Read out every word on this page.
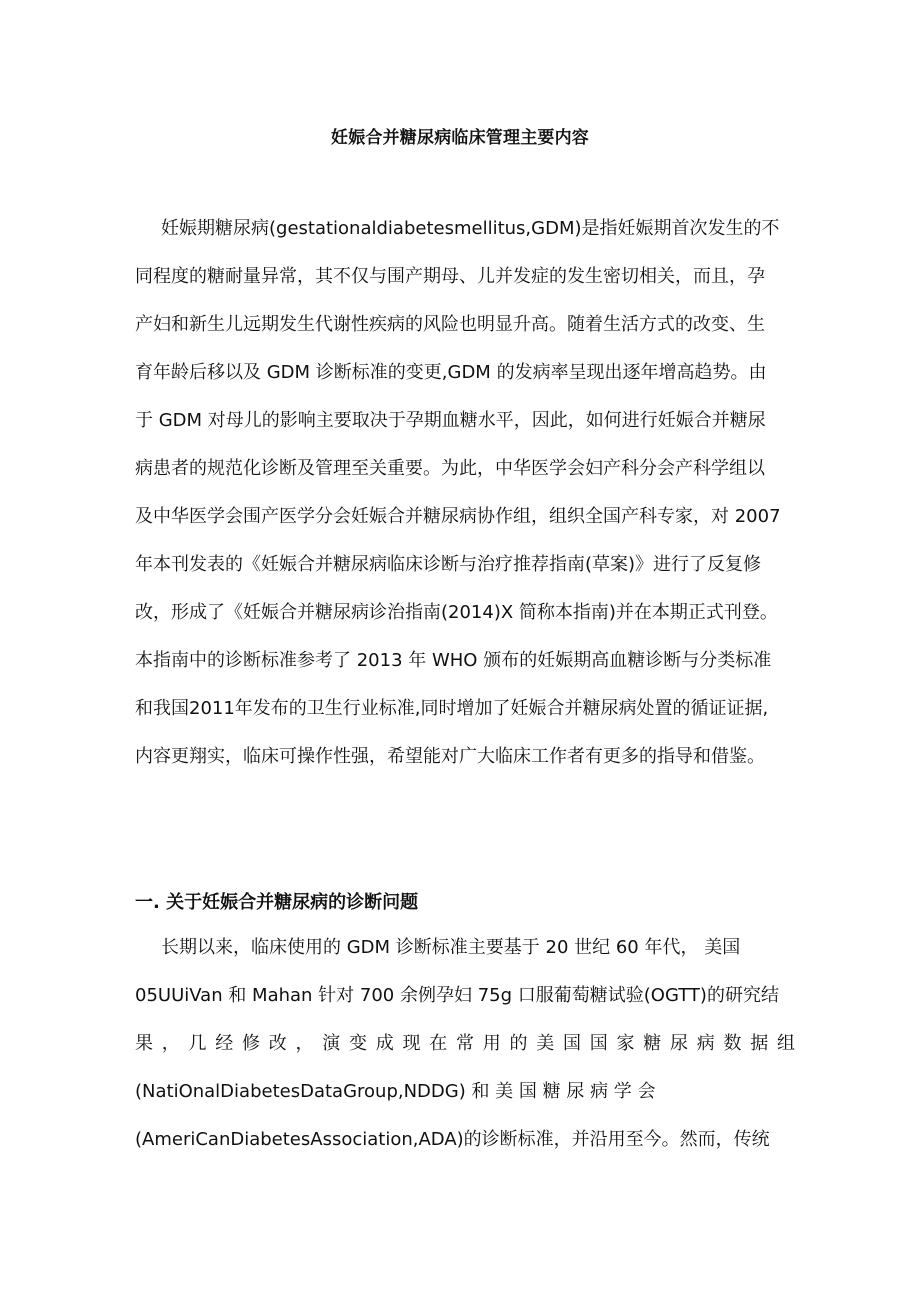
妊娠合并糖尿病临床管理主要内容
妊娠期糖尿病(gestationaldiabetesmellitus,GDM)是指妊娠期首次发生的不
同程度的糖耐量异常，其不仅与围产期母、儿并发症的发生密切相关，而且，孕
产妇和新生儿远期发生代谢性疾病的风险也明显升高。随着生活方式的改变、生
育年龄后移以及 GDM 诊断标准的变更,GDM 的发病率呈现出逐年增高趋势。由
于 GDM 对母儿的影响主要取决于孕期血糖水平，因此，如何进行妊娠合并糖尿
病患者的规范化诊断及管理至关重要。为此，中华医学会妇产科分会产科学组以
及中华医学会围产医学分会妊娠合并糖尿病协作组，组织全国产科专家，对 2007
年本刊发表的《妊娠合并糖尿病临床诊断与治疗推荐指南(草案)》进行了反复修
改，形成了《妊娠合并糖尿病诊治指南(2014)X 简称本指南)并在本期正式刊登。
本指南中的诊断标准参考了 2013 年 WHO 颁布的妊娠期高血糖诊断与分类标准
和我国2011年发布的卫生行业标准,同时增加了妊娠合并糖尿病处置的循证证据,
内容更翔实，临床可操作性强，希望能对广大临床工作者有更多的指导和借鉴。
一. 关于妊娠合并糖尿病的诊断问题
长期以来，临床使用的 GDM 诊断标准主要基于 20 世纪 60 年代， 美国
05UUiVan 和 Mahan 针对 700 余例孕妇 75g 口服葡萄糖试验(OGTT)的研究结
果，几经修改，演变成现在常用的美国国家糖尿病数据组
(NatiOnalDiabetesDataGroup,NDDG) 和 美 国 糖 尿 病 学 会
(AmeriCanDiabetesAssociation,ADA)的诊断标准，并沿用至今。然而，传统
